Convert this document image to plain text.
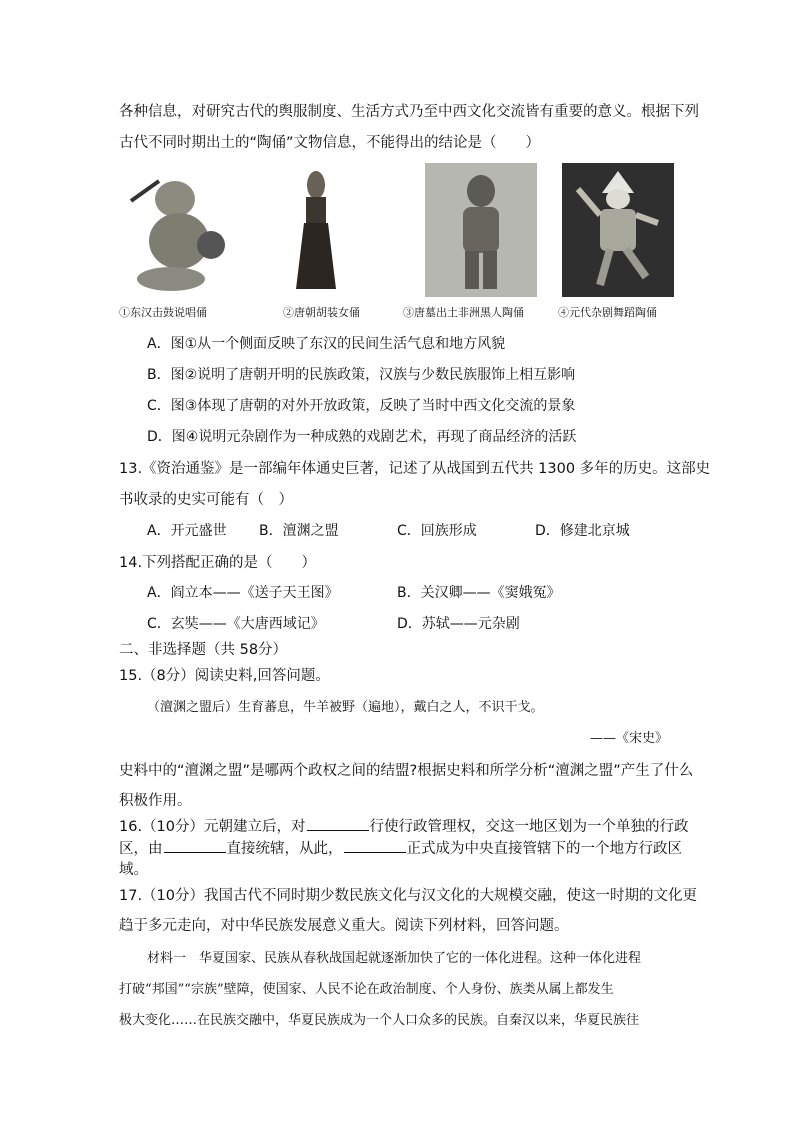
各种信息，对研究古代的舆服制度、生活方式乃至中西文化交流皆有重要的意义。根据下列
古代不同时期出土的“陶俑”文物信息，不能得出的结论是（　　）
①东汉击鼓说唱俑	②唐朝胡装女俑	③唐墓出土非洲黑人陶俑	④元代杂剧舞蹈陶俑
A．图①从一个侧面反映了东汉的民间生活气息和地方风貌
B．图②说明了唐朝开明的民族政策，汉族与少数民族服饰上相互影响
C．图③体现了唐朝的对外开放政策，反映了当时中西文化交流的景象
D．图④说明元杂剧作为一种成熟的戏剧艺术，再现了商品经济的活跃
13.《资治通鉴》是一部编年体通史巨著，记述了从战国到五代共 1300 多年的历史。这部史
书收录的史实可能有（　）
A．开元盛世 B．澶渊之盟	C．回族形成	D．修建北京城
14.下列搭配正确的是（　　）
A．阎立本——《送子天王图》	B．关汉卿——《窦娥冤》
C．玄奘——《大唐西域记》	D．苏轼——元杂剧
二、非选择题（共 58分）
15.（8分）阅读史料,回答问题。
（澶渊之盟后）生育蕃息，牛羊被野（遍地），戴白之人，不识干戈。
——《宋史》
史料中的“澶渊之盟”是哪两个政权之间的结盟?根据史料和所学分析“澶渊之盟”产生了什么
积极作用。
16.（10分）元朝建立后，对	行使行政管理权，交这一地区划为一个单独的行政
区，由	直接统辖，从此，	正式成为中央直接管辖下的一个地方行政区
域。
17.（10分）我国古代不同时期少数民族文化与汉文化的大规模交融，使这一时期的文化更
趋于多元走向，对中华民族发展意义重大。阅读下列材料，回答问题。
材料一　华夏国家、民族从春秋战国起就逐渐加快了它的一体化进程。这种一体化进程
打破“邦国”“宗族”壁障，使国家、人民不论在政治制度、个人身份、族类从属上都发生
极大变化……在民族交融中，华夏民族成为一个人口众多的民族。自秦汉以来，华夏民族往
